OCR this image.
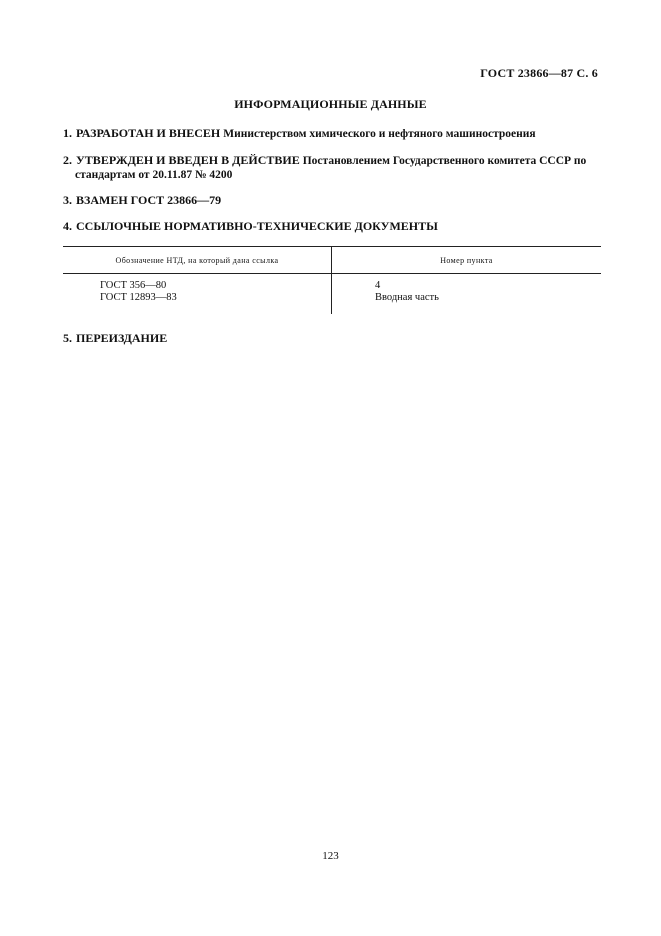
ГОСТ 23866—87 С. 6
ИНФОРМАЦИОННЫЕ ДАННЫЕ
1. РАЗРАБОТАН И ВНЕСЕН Министерством химического и нефтяного машиностроения
2. УТВЕРЖДЕН И ВВЕДЕН В ДЕЙСТВИЕ Постановлением Государственного комитета СССР по
стандартам от 20.11.87 № 4200
3. ВЗАМЕН ГОСТ 23866—79
4. ССЫЛОЧНЫЕ НОРМАТИВНО-ТЕХНИЧЕСКИЕ ДОКУМЕНТЫ
Обозначение НТД, на который дана ссылка	Номер пункта
ГОСТ 356—80
ГОСТ 12893—83
4
Вводная часть
5. ПЕРЕИЗДАНИЕ
123
